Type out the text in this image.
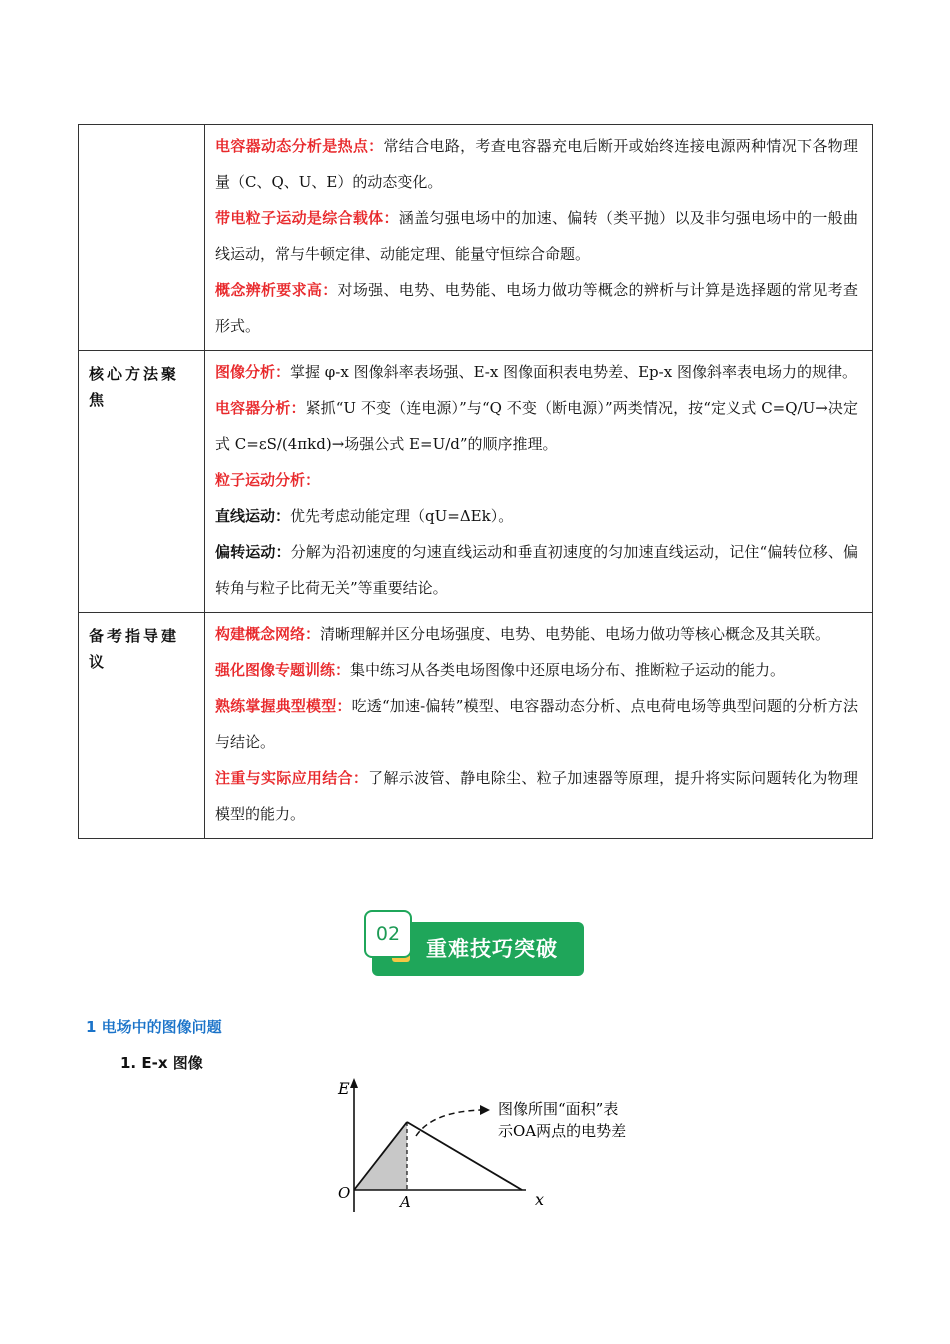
	电容器动态分析是热点：常结合电路，考查电容器充电后断开或始终连接电源两种情况下各物理量（C、Q、U、E）的动态变化。

带电粒子运动是综合载体：涵盖匀强电场中的加速、偏转（类平抛）以及非匀强电场中的一般曲线运动，常与牛顿定律、动能定理、能量守恒综合命题。

概念辨析要求高：对场强、电势、电势能、电场力做功等概念的辨析与计算是选择题的常见考查形式。

核心方法聚焦	图像分析：掌握 φ-x 图像斜率表场强、E-x 图像面积表电势差、Ep-x 图像斜率表电场力的规律。

电容器分析：紧抓“U 不变（连电源）”与“Q 不变（断电源）”两类情况，按“定义式 C=Q/U→决定式 C=εS/(4πkd)→场强公式 E=U/d”的顺序推理。

粒子运动分析：

直线运动：优先考虑动能定理（qU=ΔEk）。

偏转运动：分解为沿初速度的匀速直线运动和垂直初速度的匀加速直线运动，记住“偏转位移、偏转角与粒子比荷无关”等重要结论。

备考指导建议	构建概念网络：清晰理解并区分电场强度、电势、电势能、电场力做功等核心概念及其关联。

强化图像专题训练：集中练习从各类电场图像中还原电场分布、推断粒子运动的能力。

熟练掌握典型模型：吃透“加速-偏转”模型、电容器动态分析、点电荷电场等典型问题的分析方法与结论。

注重与实际应用结合：了解示波管、静电除尘、粒子加速器等原理，提升将实际问题转化为物理模型的能力。

02
重难技巧突破
1 电场中的图像问题
1. E-x 图像
E
x
O	A
图像所围“面积”表
示OA两点的电势差
